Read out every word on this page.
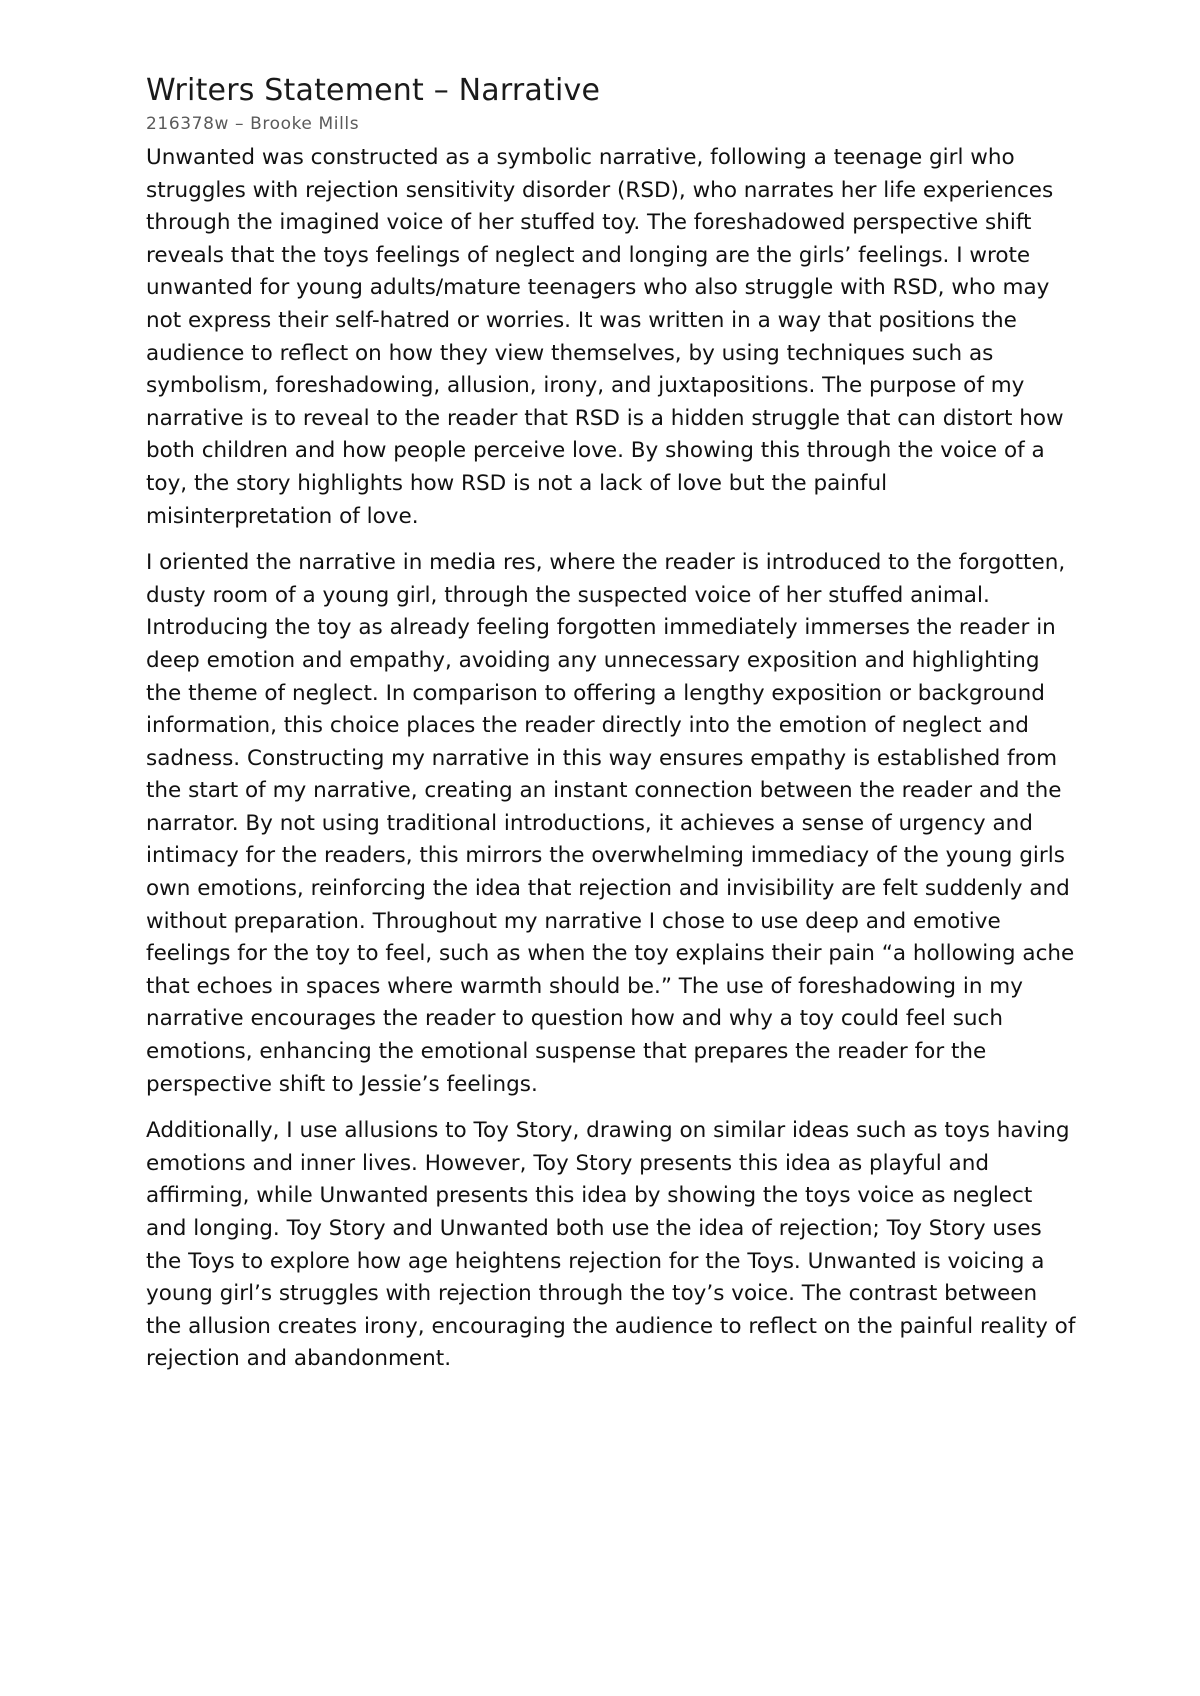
Writers Statement – Narrative

216378w – Brooke Mills

Unwanted was constructed as a symbolic narrative, following a teenage girl who struggles with rejection sensitivity disorder (RSD), who narrates her life experiences through the imagined voice of her stuffed toy. The foreshadowed perspective shift reveals that the toys feelings of neglect and longing are the girls’ feelings. I wrote unwanted for young adults/mature teenagers who also struggle with RSD, who may not express their self-hatred or worries. It was written in a way that positions the audience to reflect on how they view themselves, by using techniques such as symbolism, foreshadowing, allusion, irony, and juxtapositions. The purpose of my narrative is to reveal to the reader that RSD is a hidden struggle that can distort how both children and how people perceive love. By showing this through the voice of a toy, the story highlights how RSD is not a lack of love but the painful misinterpretation of love.

I oriented the narrative in media res, where the reader is introduced to the forgotten, dusty room of a young girl, through the suspected voice of her stuffed animal. Introducing the toy as already feeling forgotten immediately immerses the reader in deep emotion and empathy, avoiding any unnecessary exposition and highlighting the theme of neglect. In comparison to offering a lengthy exposition or background information, this choice places the reader directly into the emotion of neglect and sadness. Constructing my narrative in this way ensures empathy is established from the start of my narrative, creating an instant connection between the reader and the narrator. By not using traditional introductions, it achieves a sense of urgency and intimacy for the readers, this mirrors the overwhelming immediacy of the young girls own emotions, reinforcing the idea that rejection and invisibility are felt suddenly and without preparation. Throughout my narrative I chose to use deep and emotive feelings for the toy to feel, such as when the toy explains their pain “a hollowing ache that echoes in spaces where warmth should be.” The use of foreshadowing in my narrative encourages the reader to question how and why a toy could feel such emotions, enhancing the emotional suspense that prepares the reader for the perspective shift to Jessie’s feelings.

Additionally, I use allusions to Toy Story, drawing on similar ideas such as toys having emotions and inner lives. However, Toy Story presents this idea as playful and affirming, while Unwanted presents this idea by showing the toys voice as neglect and longing. Toy Story and Unwanted both use the idea of rejection; Toy Story uses the Toys to explore how age heightens rejection for the Toys. Unwanted is voicing a young girl’s struggles with rejection through the toy’s voice. The contrast between the allusion creates irony, encouraging the audience to reflect on the painful reality of rejection and abandonment.
